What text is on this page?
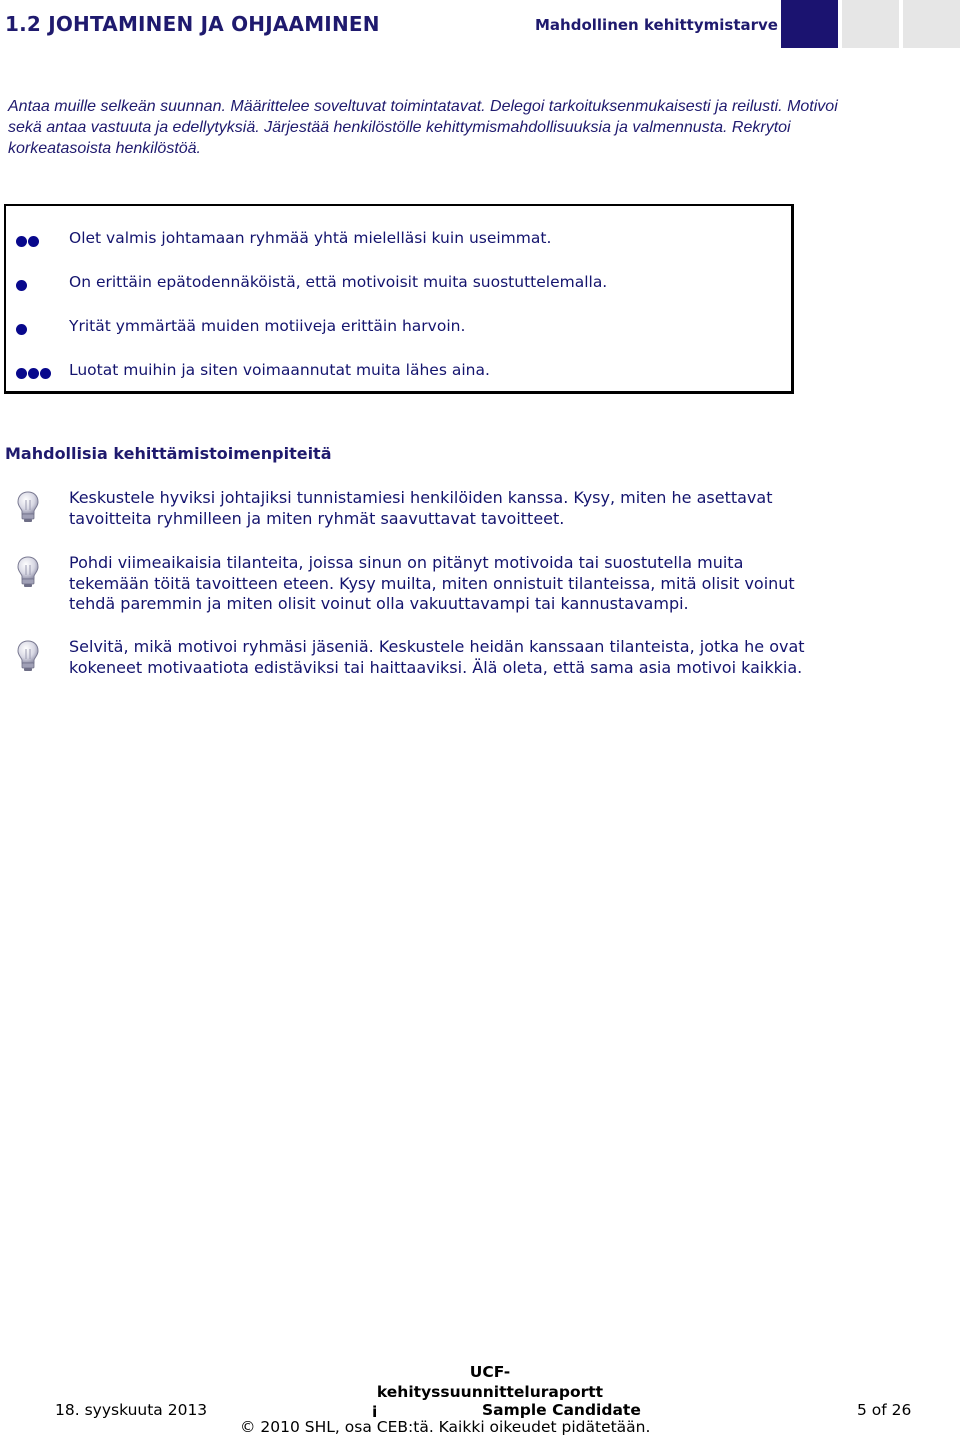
1.2 JOHTAMINEN JA OHJAAMINEN	Mahdollinen kehittymistarve
Antaa muille selkeän suunnan. Määrittelee soveltuvat toimintatavat. Delegoi tarkoituksenmukaisesti ja reilusti. Motivoi sekä antaa vastuuta ja edellytyksiä. Järjestää henkilöstölle kehittymismahdollisuuksia ja valmennusta. Rekrytoi korkeatasoista henkilöstöä.
Olet valmis johtamaan ryhmää yhtä mielelläsi kuin useimmat.
On erittäin epätodennäköistä, että motivoisit muita suostuttelemalla.
Yrität ymmärtää muiden motiiveja erittäin harvoin.
Luotat muihin ja siten voimaannutat muita lähes aina.
Mahdollisia kehittämistoimenpiteitä
Keskustele hyviksi johtajiksi tunnistamiesi henkilöiden kanssa. Kysy, miten he asettavat tavoitteita ryhmilleen ja miten ryhmät saavuttavat tavoitteet.
Pohdi viimeaikaisia tilanteita, joissa sinun on pitänyt motivoida tai suostutella muita tekemään töitä tavoitteen eteen. Kysy muilta, miten onnistuit tilanteissa, mitä olisit voinut tehdä paremmin ja miten olisit voinut olla vakuuttavampi tai kannustavampi.
Selvitä, mikä motivoi ryhmäsi jäseniä. Keskustele heidän kanssaan tilanteista, jotka he ovat kokeneet motivaatiota edistäviksi tai haittaaviksi. Älä oleta, että sama asia motivoi kaikkia.
UCF-
kehityssuunnitteluraportt
i
18. syyskuuta 2013	Sample Candidate	5 of 26
© 2010 SHL, osa CEB:tä. Kaikki oikeudet pidätetään.
